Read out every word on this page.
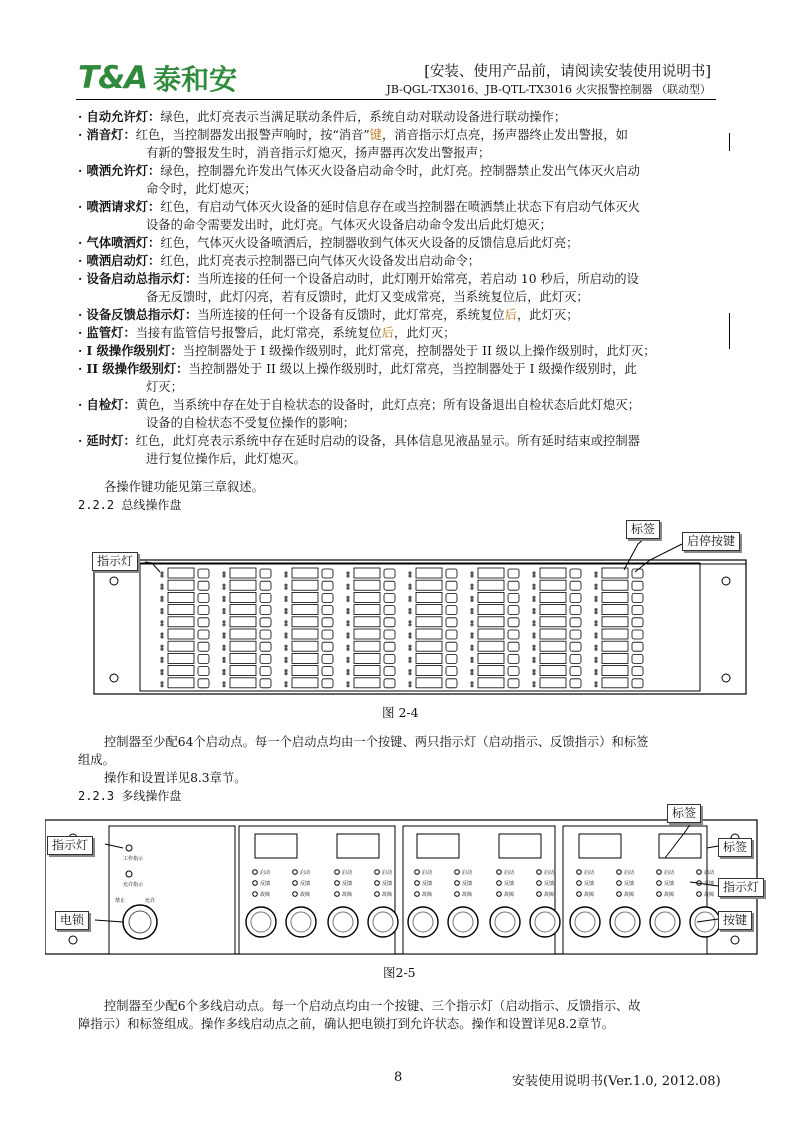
T&A 泰和安	[安装、使用产品前，请阅读安装使用说明书]
JB-QGL-TX3016、JB-QTL-TX3016 火灾报警控制器 （联动型）
· 自动允许灯：绿色，此灯亮表示当满足联动条件后，系统自动对联动设备进行联动操作；
· 消音灯：红色，当控制器发出报警声响时，按“消音”键，消音指示灯点亮，扬声器终止发出警报，如
有新的警报发生时，消音指示灯熄灭，扬声器再次发出警报声；
· 喷洒允许灯：绿色，控制器允许发出气体灭火设备启动命令时，此灯亮。控制器禁止发出气体灭火启动
命令时，此灯熄灭；
· 喷洒请求灯：红色，有启动气体灭火设备的延时信息存在或当控制器在喷洒禁止状态下有启动气体灭火
设备的命令需要发出时，此灯亮。气体灭火设备启动命令发出后此灯熄灭；
· 气体喷洒灯：红色，气体灭火设备喷洒后，控制器收到气体灭火设备的反馈信息后此灯亮；
· 喷洒启动灯：红色，此灯亮表示控制器已向气体灭火设备发出启动命令；
· 设备启动总指示灯：当所连接的任何一个设备启动时，此灯刚开始常亮，若启动 10 秒后，所启动的设
备无反馈时，此灯闪亮，若有反馈时，此灯又变成常亮，当系统复位后，此灯灭；
· 设备反馈总指示灯：当所连接的任何一个设备有反馈时，此灯常亮，系统复位后，此灯灭；
· 监管灯：当接有监管信号报警后，此灯常亮，系统复位后，此灯灭；
· I 级操作级别灯：当控制器处于 I 级操作级别时，此灯常亮，控制器处于 II 级以上操作级别时，此灯灭；
· II 级操作级别灯：当控制器处于 II 级以上操作级别时，此灯常亮，当控制器处于 I 级操作级别时，此
灯灭；
· 自检灯：黄色，当系统中存在处于自检状态的设备时，此灯点亮；所有设备退出自检状态后此灯熄灭；
设备的自检状态不受复位操作的影响；
· 延时灯：红色，此灯亮表示系统中存在延时启动的设备，具体信息见液晶显示。所有延时结束或控制器
进行复位操作后，此灯熄灭。
各操作键功能见第三章叙述。
2.2.2 总线操作盘
指示灯
标签
启停按键
图 2-4
控制器至少配64个启动点。每一个启动点均由一个按键、两只指示灯（启动指示、反馈指示）和标签
组成。
操作和设置详见8.3章节。
2.2.3 多线操作盘
工作指示
允许指示
禁止	允许
启动
反馈
故障
启动
反馈
故障
启动
反馈
故障
启动
反馈
故障
启动
反馈
故障
启动
反馈
故障
启动
反馈
故障
启动
反馈
故障
启动
反馈
故障
启动
反馈
故障
启动
反馈
故障
启动
反馈
故障
指示灯
电锁
标签
标签
指示灯
按键
图2-5
控制器至少配6个多线启动点。每一个启动点均由一个按键、三个指示灯（启动指示、反馈指示、故
障指示）和标签组成。操作多线启动点之前，确认把电锁打到允许状态。操作和设置详见8.2章节。
8	安装使用说明书(Ver.1.0, 2012.08)
